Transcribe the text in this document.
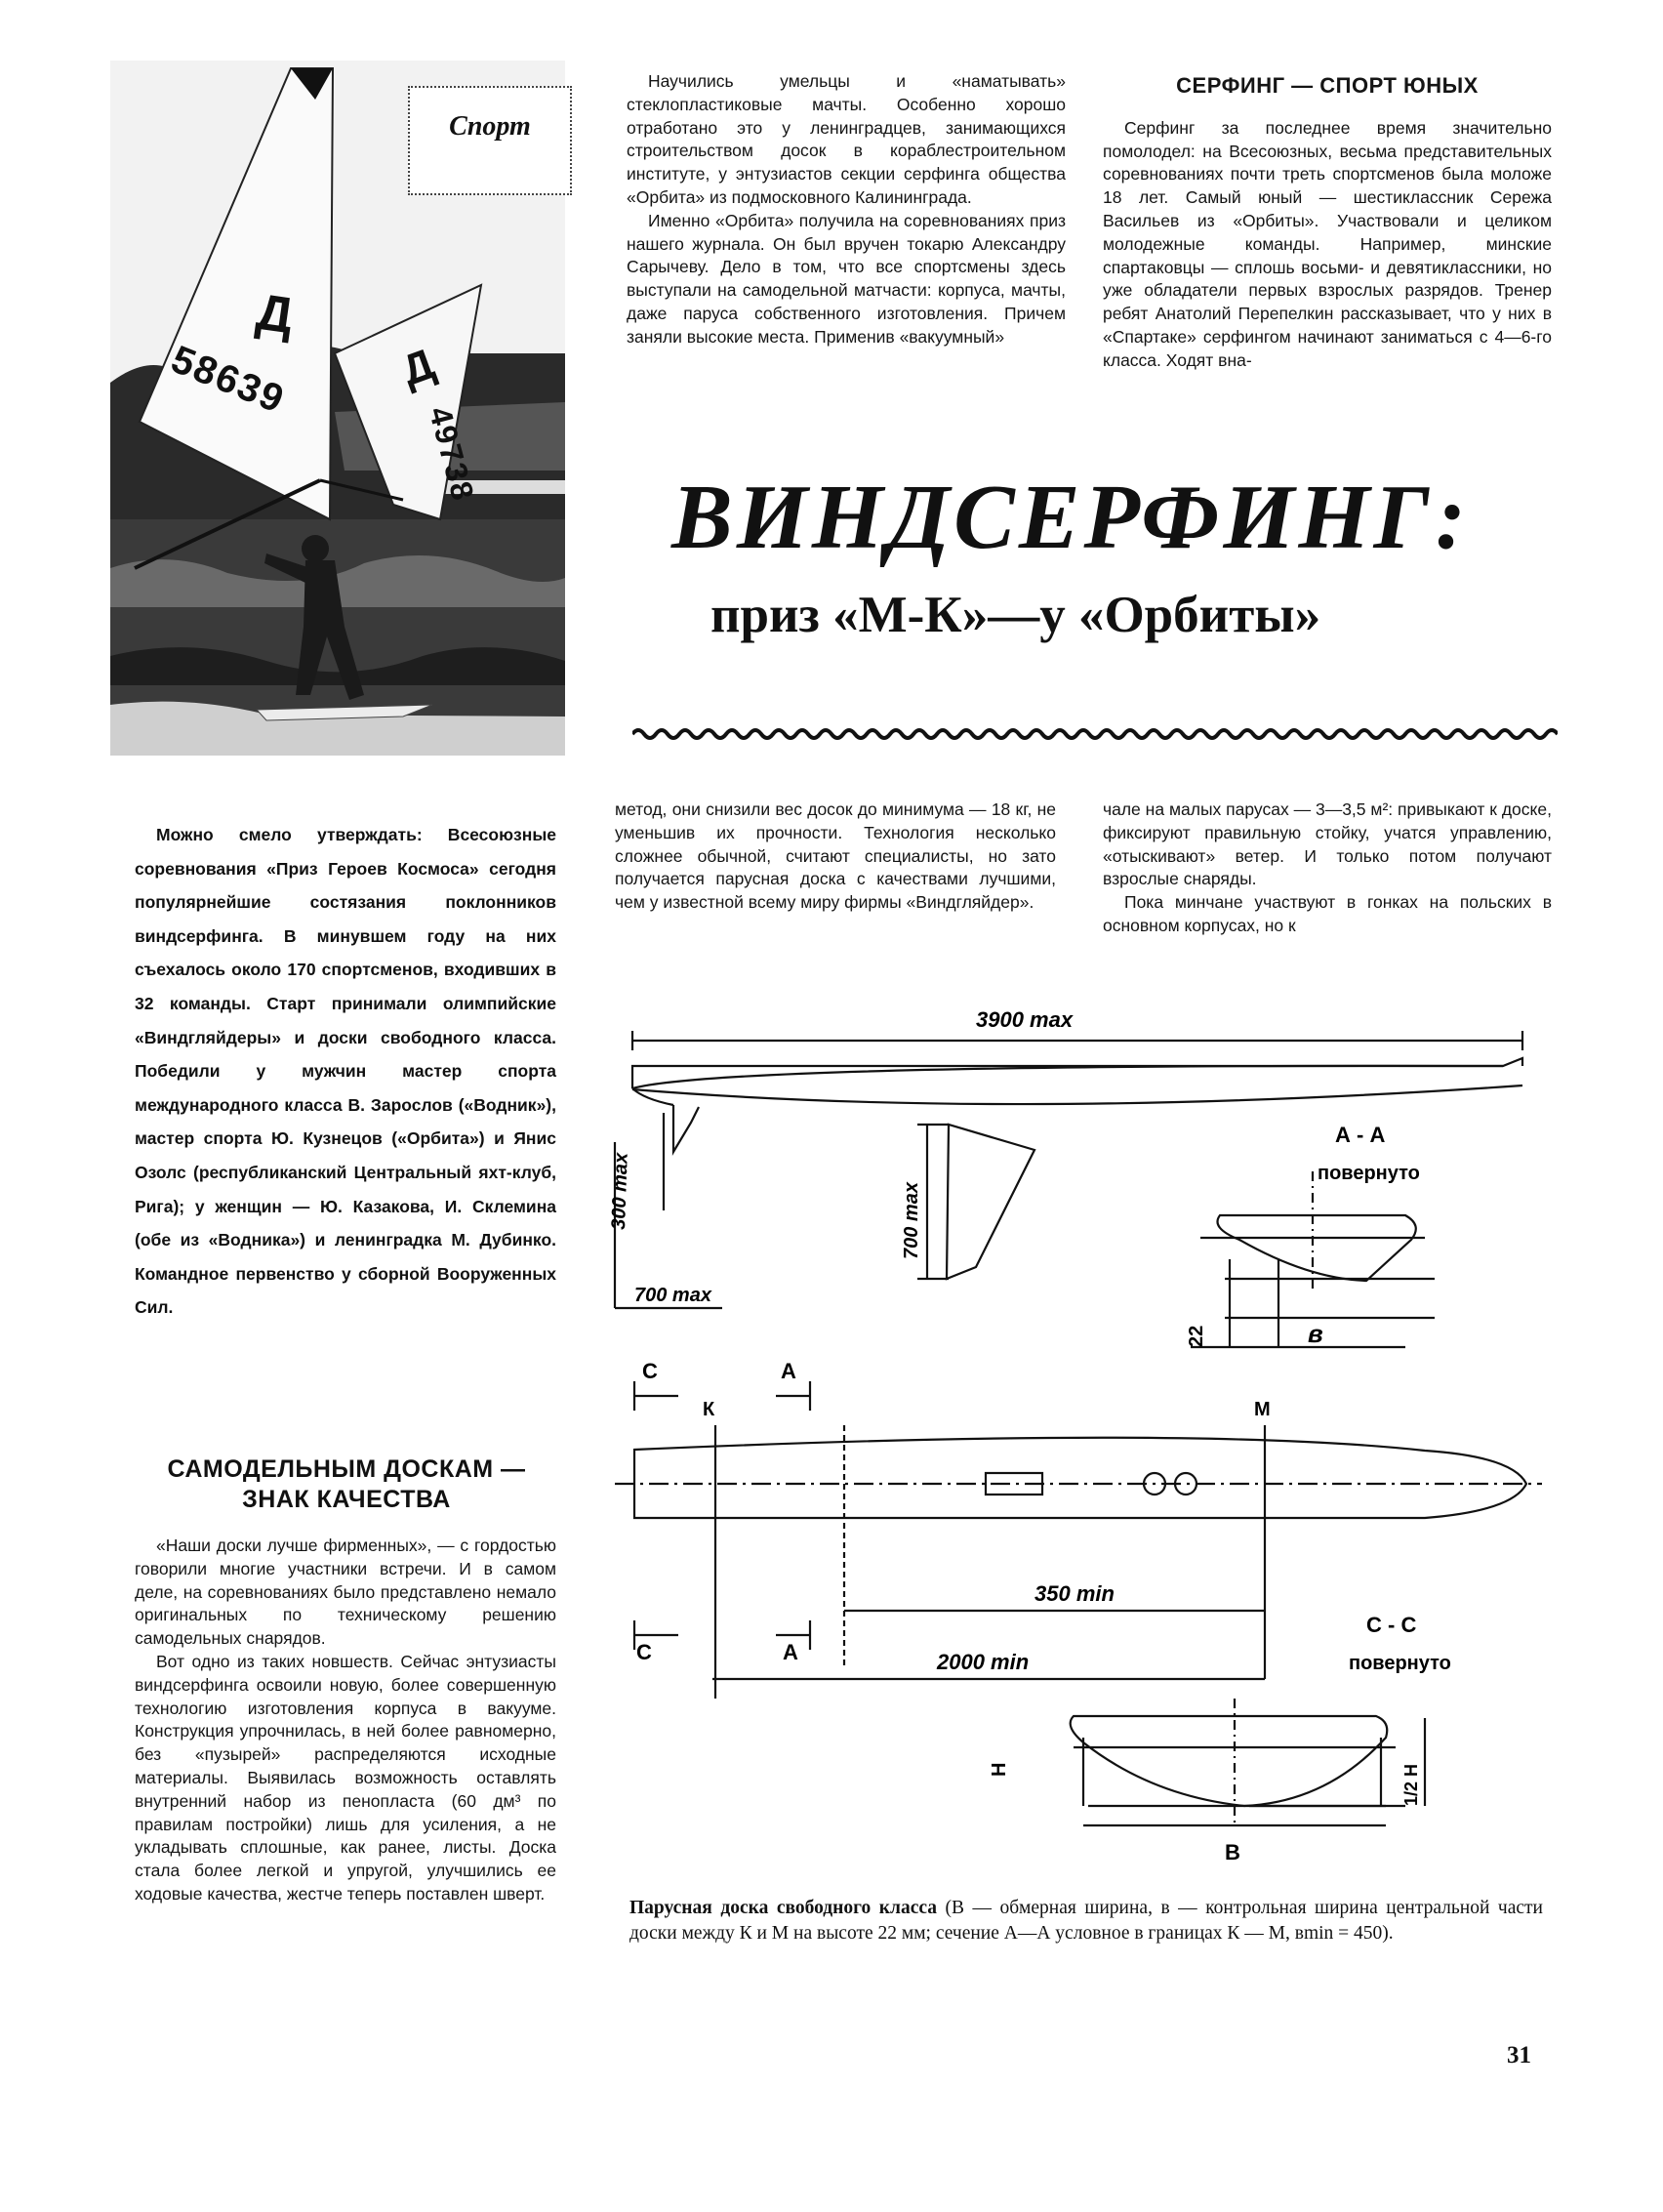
Д
58639 Д
49738
Спорт

Научились умельцы и «наматывать» стеклопластиковые мачты. Особенно хорошо отработано это у ленинградцев, занимающихся строительством досок в кораблестроительном институте, у энтузиастов секции серфинга общества «Орбита» из подмосковного Калининграда.

Именно «Орбита» получила на соревнованиях приз нашего журнала. Он был вручен токарю Александру Сарычеву. Дело в том, что все спортсмены здесь выступали на самодельной матчасти: корпуса, мачты, даже паруса собственного изготовления. Причем заняли высокие места. Применив «вакуумный»

СЕРФИНГ — СПОРТ ЮНЫХ

Серфинг за последнее время значительно помолодел: на Всесоюзных, весьма представительных соревнованиях почти треть спортсменов была моложе 18 лет. Самый юный — шестиклассник Сережа Васильев из «Орбиты». Участвовали и целиком молодежные команды. Например, минские спартаковцы — сплошь восьми- и девятиклассники, но уже обладатели первых взрослых разрядов. Тренер ребят Анатолий Перепелкин рассказывает, что у них в «Спартаке» серфингом начинают заниматься с 4—6-го класса. Ходят вна-

ВИНДСЕРФИНГ:
приз «М-К»—у «Орбиты»

Можно смело утверждать: Всесоюзные соревнования «Приз Героев Космоса» сегодня популярнейшие состязания поклонников виндсерфинга. В минувшем году на них съехалось около 170 спортсменов, входивших в 32 команды. Старт принимали олимпийские «Виндгляйдеры» и доски свободного класса. Победили у мужчин мастер спорта международного класса В. Зарослов («Водник»), мастер спорта Ю. Кузнецов («Орбита») и Янис Озолс (республиканский Центральный яхт-клуб, Рига); у женщин — Ю. Казакова, И. Склемина (обе из «Водника») и ленинградка М. Дубинко. Командное первенство у сборной Вооруженных Сил.

метод, они снизили вес досок до минимума — 18 кг, не уменьшив их прочности. Технология несколько сложнее обычной, считают специалисты, но зато получается парусная доска с качествами лучшими, чем у известной всему миру фирмы «Виндгляйдер».

чале на малых парусах — 3—3,5 м²: привыкают к доске, фиксируют правильную стойку, учатся управлению, «отыскивают» ветер. И только потом получают взрослые снаряды.

Пока минчане участвуют в гонках на польских в основном корпусах, но к

САМОДЕЛЬНЫМ ДОСКАМ — ЗНАК КАЧЕСТВА

«Наши доски лучше фирменных», — с гордостью говорили многие участники встречи. И в самом деле, на соревнованиях было представлено немало оригинальных по техническому решению самодельных снарядов.

Вот одно из таких новшеств. Сейчас энтузиасты виндсерфинга освоили новую, более совершенную технологию изготовления корпуса в вакууме. Конструкция упрочнилась, в ней более равномерно, без «пузырей» распределяются исходные материалы. Выявилась возможность оставлять внутренний набор из пенопласта (60 дм³ по правилам постройки) лишь для усиления, а не укладывать сплошные, как ранее, листы. Доска стала более легкой и упругой, улучшились ее ходовые качества, жестче теперь поставлен шверт.

3900 max
300 max
700 max
700 max
А - А
повернуто
22	в
С	А
К	М
С	А
350 min
2000 min
С - С
повернуто
Н	1/2 Н
В
Парусная доска свободного класса (В — обмерная ширина, в — контрольная ширина центральной части доски между К и М на высоте 22 мм; сечение А—А условное в границах К — М, вmin = 450).
31
